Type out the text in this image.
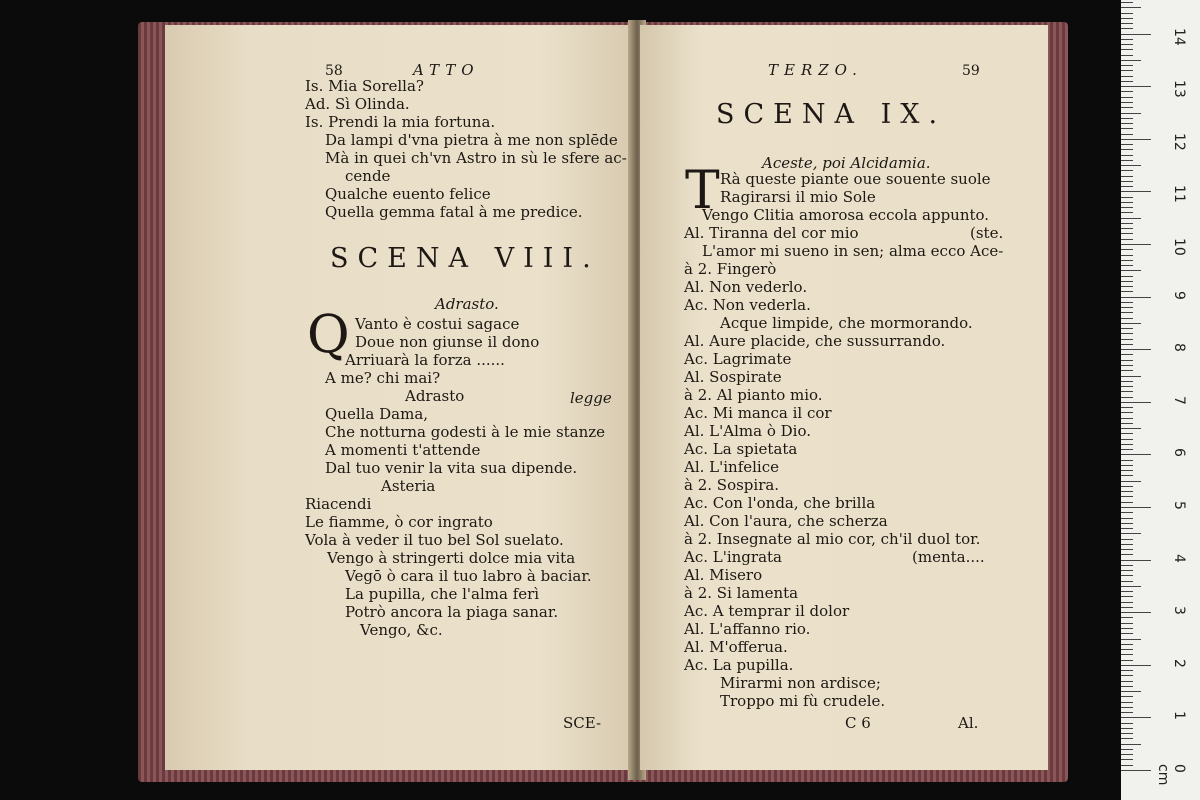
58	ATTO
Is. Mia Sorella?
Ad. Sì Olinda.
Is. Prendi la mia fortuna.
Da lampi d'vna pietra à me non splēde
Mà in quei ch'vn Astro in sù le sfere ac-
cende
Qualche euento felice
Quella gemma fatal à me predice.
SCENA VIII.
Adrasto.
Q Vanto è costui sagace
Doue non giunse il dono
Arriuarà la forza ......
A me? chi mai?
Adrasto	legge
Quella Dama,
Che notturna godesti à le mie stanze
A momenti t'attende
Dal tuo venir la vita sua dipende.
Asteria
Riacendi
Le fiamme, ò cor ingrato
Vola à veder il tuo bel Sol suelato.
Vengo à stringerti dolce mia vita
Vegō ò cara il tuo labro à baciar.
La pupilla, che l'alma ferì
Potrò ancora la piaga sanar.
Vengo, &c.
SCE-
TERZO.	59
SCENA IX.
Aceste, poi Alcidamia.
T Rà queste piante oue souente suole
Ragirarsi il mio Sole
Vengo Clitia amorosa eccola appunto.
Al. Tiranna del cor mio	(ste.
L'amor mi sueno in sen; alma ecco Ace-
à 2. Fingerò
Al. Non vederlo.
Ac. Non vederla.
Acque limpide, che mormorando.
Al. Aure placide, che sussurrando.
Ac. Lagrimate
Al. Sospirate
à 2. Al pianto mio.
Ac. Mi manca il cor
Al. L'Alma ò Dio.
Ac. La spietata
Al. L'infelice
à 2. Sospira.
Ac. Con l'onda, che brilla
Al. Con l'aura, che scherza
à 2. Insegnate al mio cor, ch'il duol tor.
Ac. L'ingrata	(menta....
Al. Misero
à 2. Si lamenta
Ac. A temprar il dolor
Al. L'affanno rio.
Al. M'offerua.
Ac. La pupilla.
Mirarmi non ardisce;
Troppo mi fù crudele.
C 6	Al.
0 cm
1
2
3
4
5
6
7
8
9
10
11
12
13
14
